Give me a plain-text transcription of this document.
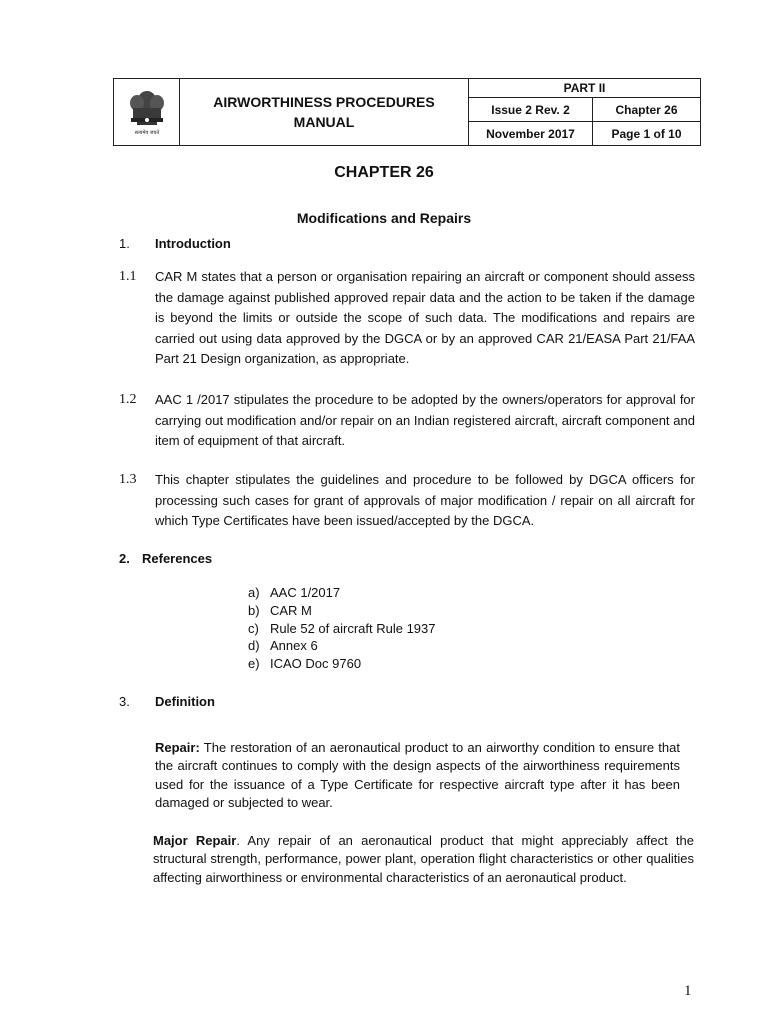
सत्यमेव जयते
AIRWORTHINESS PROCEDURES
MANUAL
PART II
Issue 2 Rev. 2	Chapter 26
November 2017	Page 1 of 10
CHAPTER 26
Modifications and Repairs
1. Introduction
1.1 CAR M states that a person or organisation repairing an aircraft or component should assess the damage against published approved repair data and the action to be taken if the damage is beyond the limits or outside the scope of such data. The modifications and repairs are carried out using data approved by the DGCA or by an approved CAR 21/EASA Part 21/FAA Part 21 Design organization, as appropriate.

1.2 AAC 1 /2017 stipulates the procedure to be adopted by the owners/operators for approval for carrying out modification and/or repair on an Indian registered aircraft, aircraft component and item of equipment of that aircraft.

1.3 This chapter stipulates the guidelines and procedure to be followed by DGCA officers for processing such cases for grant of approvals of major modification / repair on all aircraft for which Type Certificates have been issued/accepted by the DGCA.

2. References
a) AAC 1/2017
b) CAR M
c) Rule 52 of aircraft Rule 1937
d) Annex 6
e) ICAO Doc 9760
3. Definition

Repair: The restoration of an aeronautical product to an airworthy condition to ensure that the aircraft continues to comply with the design aspects of the airworthiness requirements used for the issuance of a Type Certificate for respective aircraft type after it has been damaged or subjected to wear.

Major Repair. Any repair of an aeronautical product that might appreciably affect the structural strength, performance, power plant, operation flight characteristics or other qualities affecting airworthiness or environmental characteristics of an aeronautical product.

1
